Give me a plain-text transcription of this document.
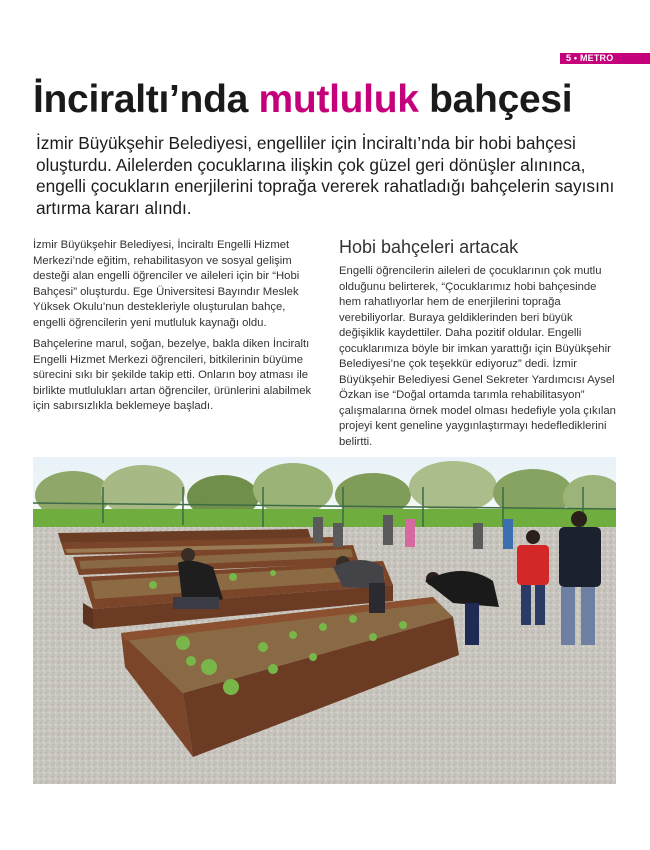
5 • METRO
İnciraltı’nda mutluluk bahçesi

İzmir Büyükşehir Belediyesi, engelliler için İnciraltı’nda bir hobi bahçesi oluşturdu. Ailelerden çocuklarına ilişkin çok güzel geri dönüşler alınınca, engelli çocukların enerjilerini toprağa vererek rahatladığı bahçelerin sayısını artırma kararı alındı.

İzmir Büyükşehir Belediyesi, İnciraltı Engelli Hizmet Merkezi’nde eğitim, rehabilitasyon ve sosyal gelişim desteği alan engelli öğrenciler ve aileleri için bir “Hobi Bahçesi” oluşturdu. Ege Üniversitesi Bayındır Meslek Yüksek Okulu’nun destekleriyle oluşturulan bahçe, engelli öğrencilerin yeni mutluluk kaynağı oldu.

Bahçelerine marul, soğan, bezelye, bakla diken İnciraltı Engelli Hizmet Merkezi öğrencileri, bitkilerinin büyüme sürecini sıkı bir şekilde takip etti. Onların boy atması ile birlikte mutlulukları artan öğrenciler, ürünlerini alabilmek için sabırsızlıkla beklemeye başladı.

Hobi bahçeleri artacak

Engelli öğrencilerin aileleri de çocuklarının çok mutlu olduğunu belirterek, “Çocuklarımız hobi bahçesinde hem rahatlıyorlar hem de enerjilerini toprağa verebiliyorlar. Buraya geldiklerinden beri büyük değişiklik kaydettiler. Daha pozitif oldular. Engelli çocuklarımıza böyle bir imkan yarattığı için Büyükşehir Belediyesi’ne çok teşekkür ediyoruz” dedi. İzmir Büyükşehir Belediyesi Genel Sekreter Yardımcısı Aysel Özkan ise “Doğal ortamda tarımla rehabilitasyon” çalışmalarına örnek model olması hedefiyle yola çıkılan projeyi kent geneline yaygınlaştırmayı hedeflediklerini belirtti.
